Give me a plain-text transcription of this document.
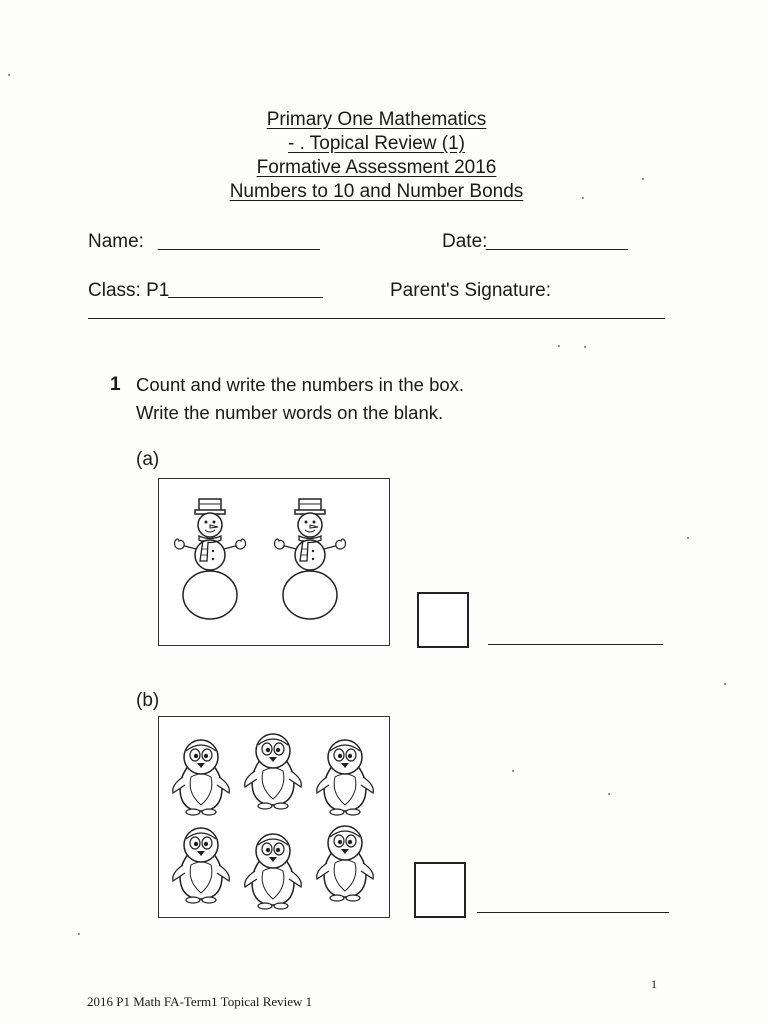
Primary One Mathematics
- . Topical Review (1)
Formative Assessment 2016
Numbers to 10 and Number Bonds
Name:	Date:
Class: P1	Parent's Signature:
1 Count and write the numbers in the box.
Write the number words on the blank.
(a)
(b)
1
2016 P1 Math FA-Term1 Topical Review 1
